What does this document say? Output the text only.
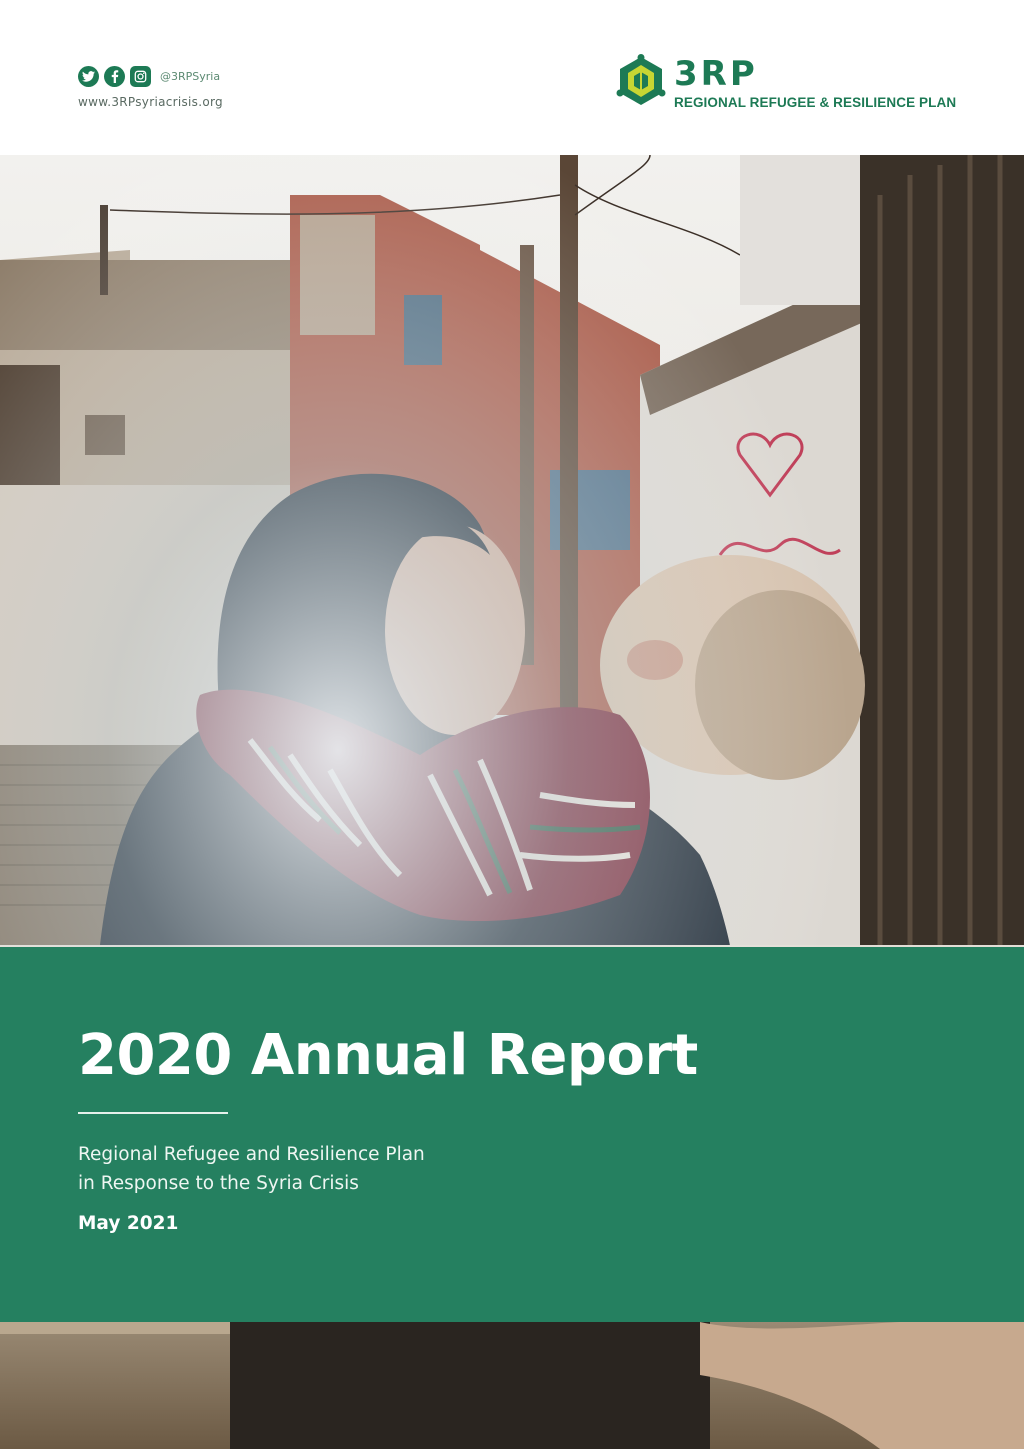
@3RPSyria
www.3RPsyriacrisis.org
3RP
REGIONAL REFUGEE & RESILIENCE PLAN
2020 Annual Report
Regional Refugee and Resilience Plan
in Response to the Syria Crisis
May 2021
